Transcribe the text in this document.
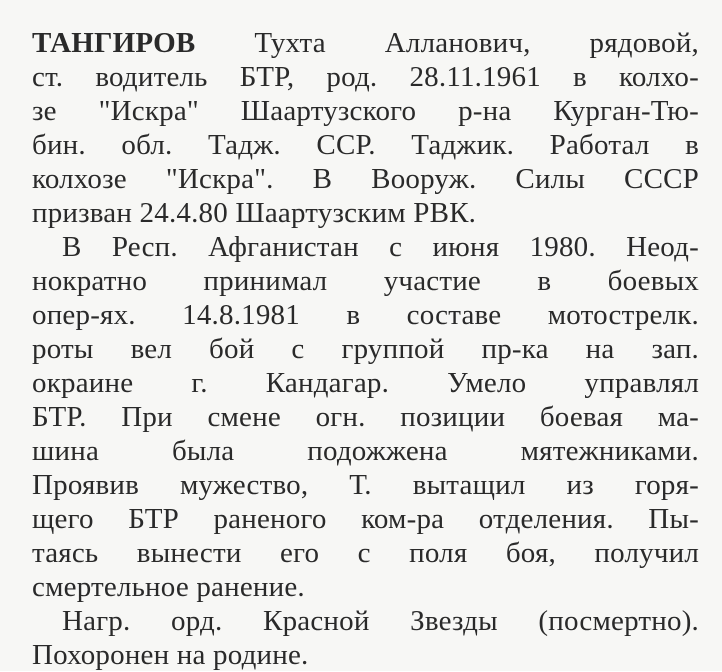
ТАНГИРОВ Тухта Алланович, рядовой,
ст. водитель БТР, род. 28.11.1961 в колхо-
зе "Искра" Шаартузского р-на Курган-Тю-
бин. обл. Тадж. ССР. Таджик. Работал в
колхозе "Искра". В Вооруж. Силы СССР
призван 24.4.80 Шаартузским РВК.
В Респ. Афганистан с июня 1980. Неод-
нократно принимал участие в боевых
опер-ях. 14.8.1981 в составе мотострелк.
роты вел бой с группой пр-ка на зап.
окраине г. Кандагар. Умело управлял
БТР. При смене огн. позиции боевая ма-
шина была подожжена мятежниками.
Проявив мужество, Т. вытащил из горя-
щего БТР раненого ком-ра отделения. Пы-
таясь вынести его с поля боя, получил
смертельное ранение.
Нагр. орд. Красной Звезды (посмертно).
Похоронен на родине.
